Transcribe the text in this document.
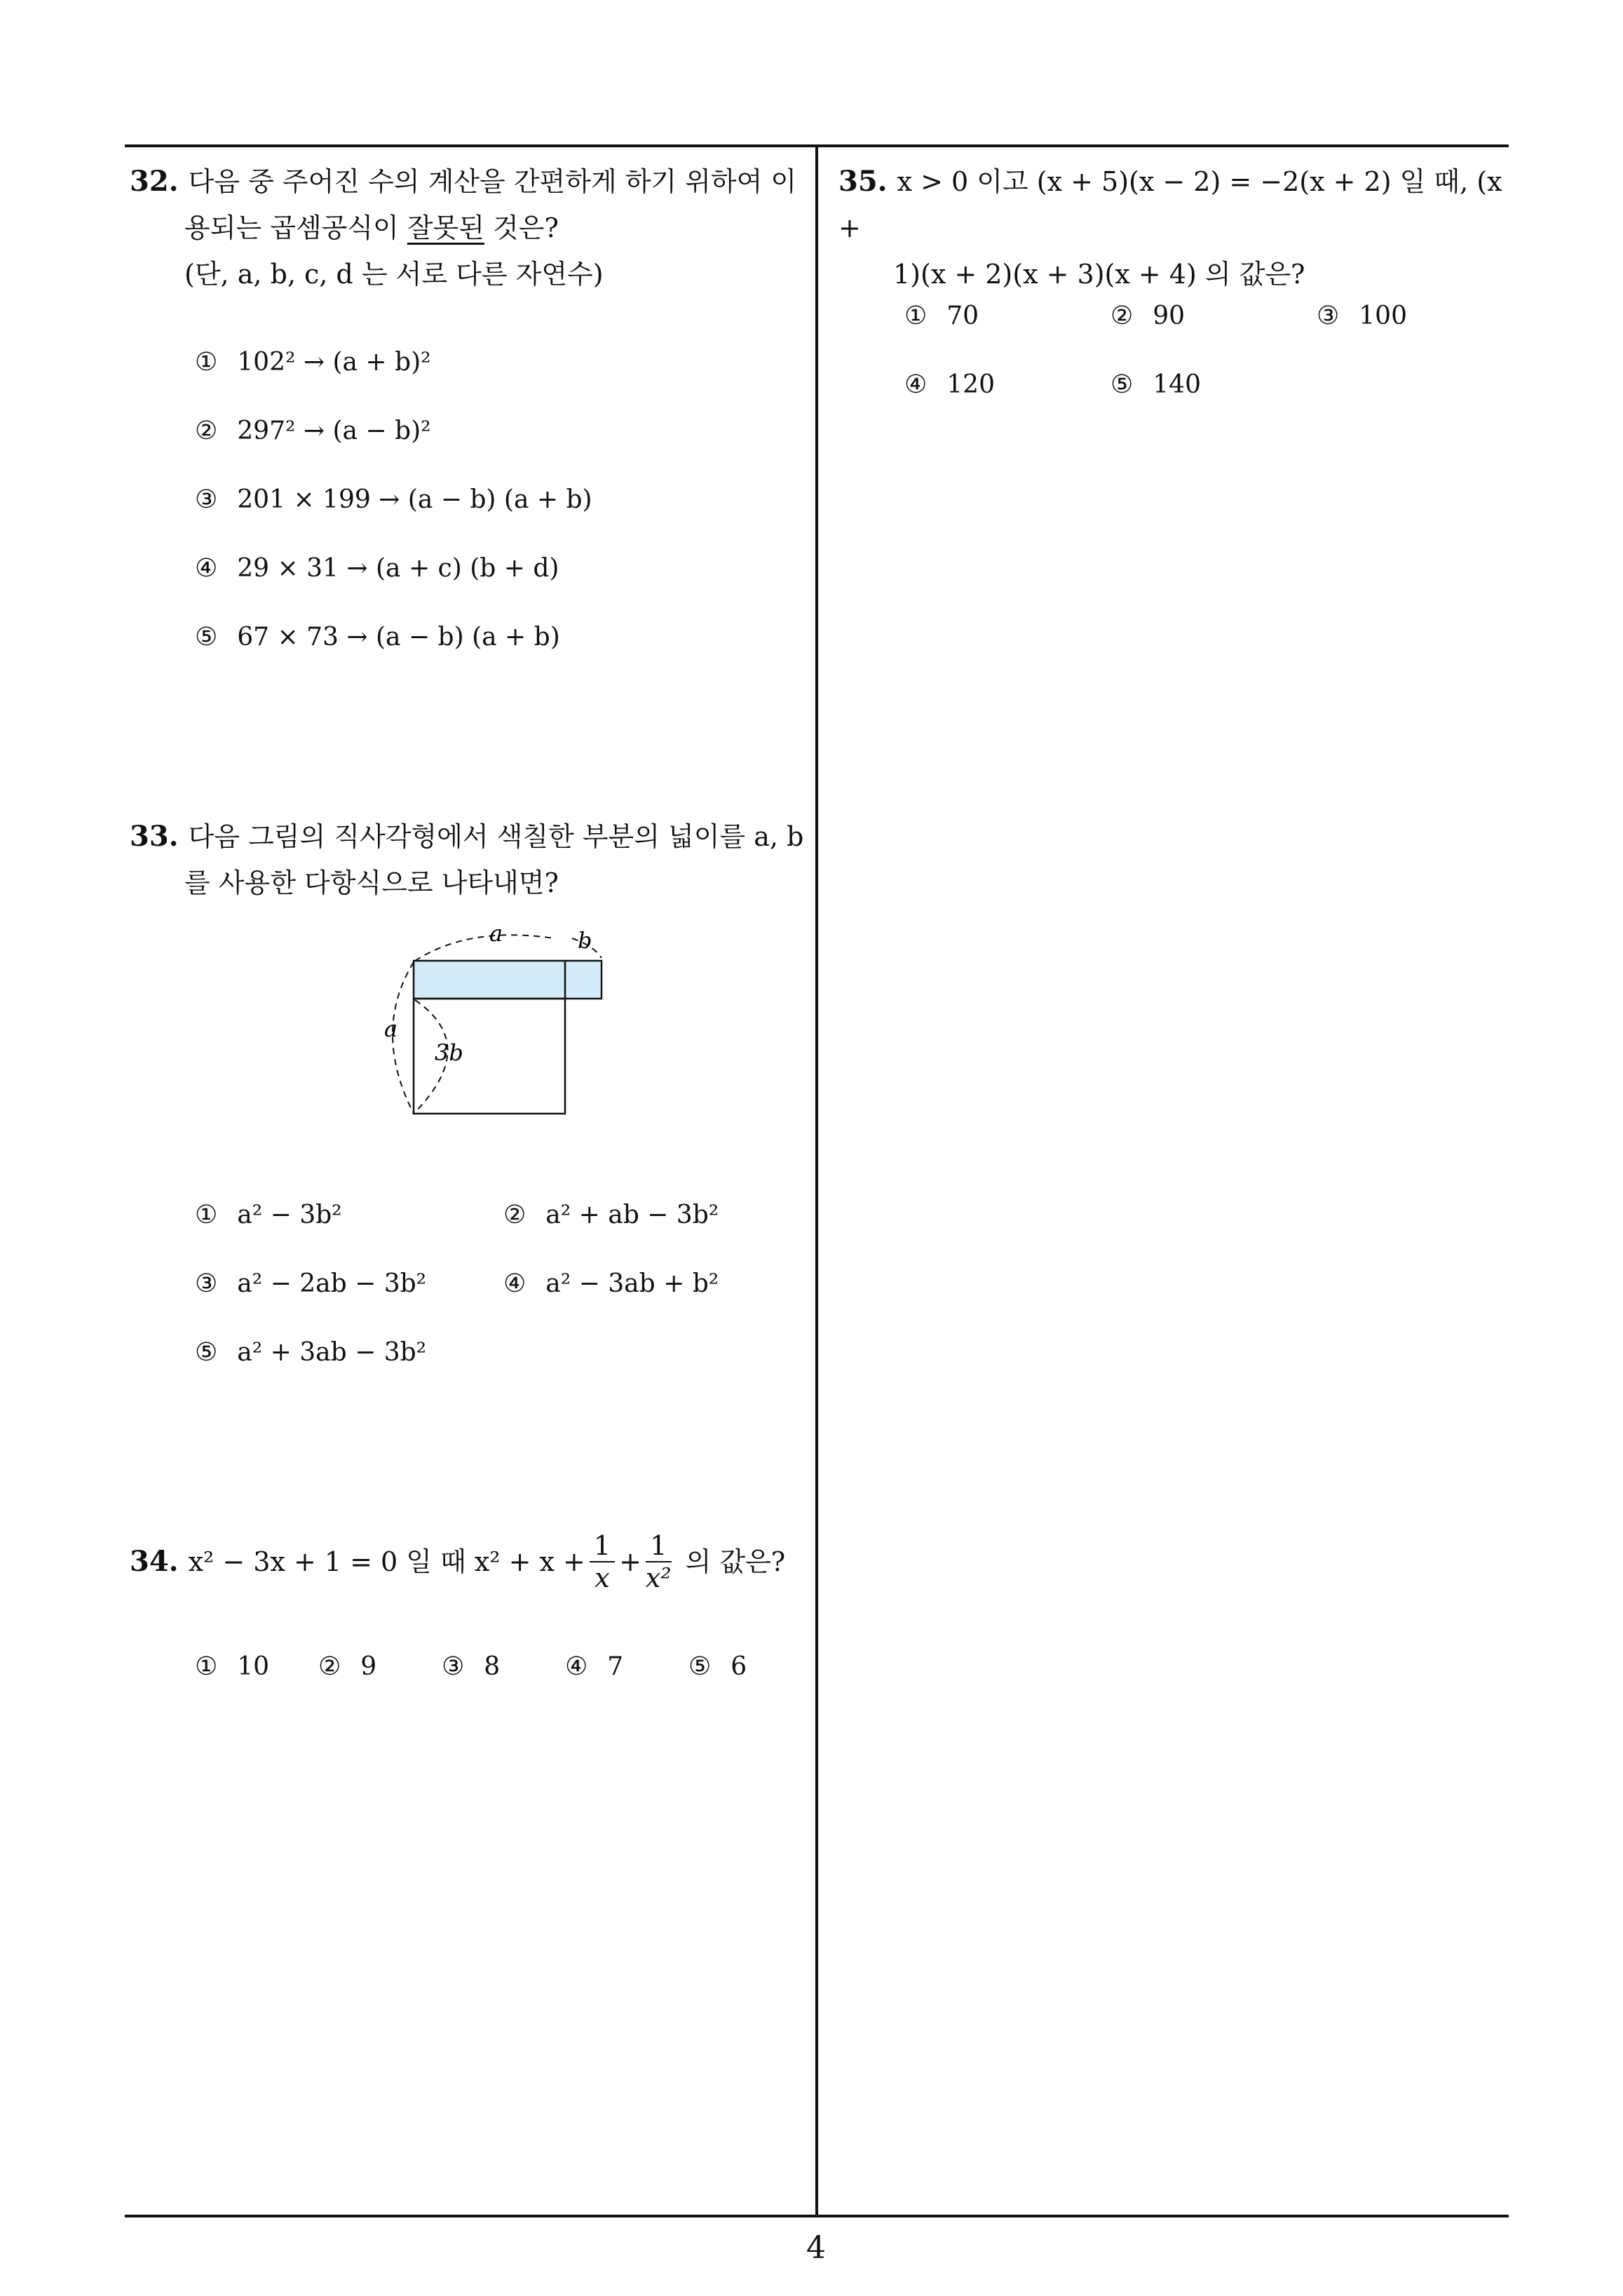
32. 다음 중 주어진 수의 계산을 간편하게 하기 위하여 이
용되는 곱셈공식이 잘못된 것은?
(단, a, b, c, d 는 서로 다른 자연수)
① 102² → (a + b)²
② 297² → (a − b)²
③ 201 × 199 → (a − b) (a + b)
④ 29 × 31 → (a + c) (b + d)
⑤ 67 × 73 → (a − b) (a + b)
33. 다음 그림의 직사각형에서 색칠한 부분의 넓이를 a, b
를 사용한 다항식으로 나타내면?
a	b
a
3b
① a² − 3b²	② a² + ab − 3b²
③ a² − 2ab − 3b²	④ a² − 3ab + b²
⑤ a² + 3ab − 3b²
34. x² − 3x + 1 = 0 일 때 $x^2 + x + \frac{1}{x} + \frac{1}{\text{x²}}$ 의 값은?
① 10 ② 9	③ 8	④ 7	⑤ 6
35. x > 0 이고 (x + 5)(x − 2) = −2(x + 2) 일 때, (x +
1)(x + 2)(x + 3)(x + 4) 의 값은?
① 70	② 90	③ 100
④ 120	⑤ 140
4
